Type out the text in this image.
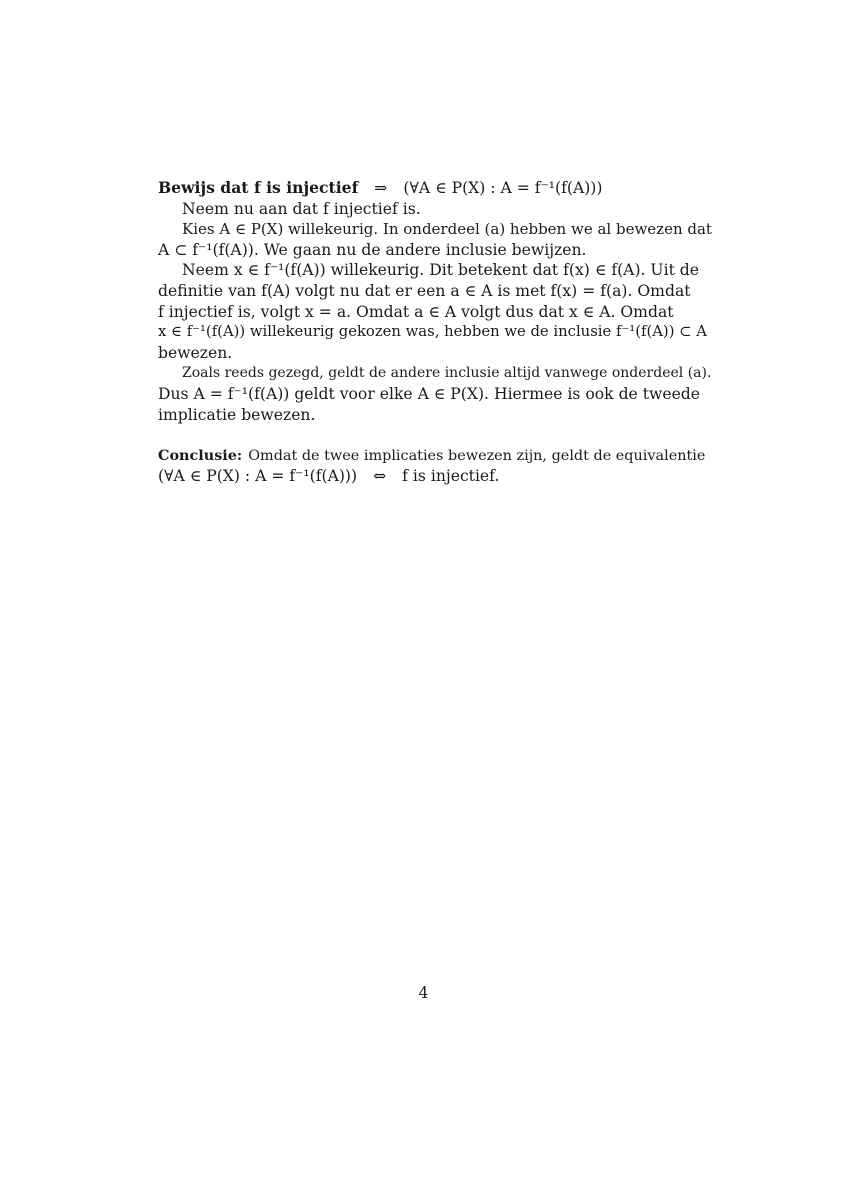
Bewijs dat f is injectief ⇒ (∀A ∈ P(X) : A = f⁻¹(f(A)))
Neem nu aan dat f injectief is.
Kies A ∈ P(X) willekeurig. In onderdeel (a) hebben we al bewezen dat
A ⊂ f⁻¹(f(A)). We gaan nu de andere inclusie bewijzen.
Neem x ∈ f⁻¹(f(A)) willekeurig. Dit betekent dat f(x) ∈ f(A). Uit de
definitie van f(A) volgt nu dat er een a ∈ A is met f(x) = f(a). Omdat
f injectief is, volgt x = a. Omdat a ∈ A volgt dus dat x ∈ A. Omdat
x ∈ f⁻¹(f(A)) willekeurig gekozen was, hebben we de inclusie f⁻¹(f(A)) ⊂ A
bewezen.
Zoals reeds gezegd, geldt de andere inclusie altijd vanwege onderdeel (a).
Dus A = f⁻¹(f(A)) geldt voor elke A ∈ P(X). Hiermee is ook de tweede
implicatie bewezen.
Conclusie: Omdat de twee implicaties bewezen zijn, geldt de equivalentie
(∀A ∈ P(X) : A = f⁻¹(f(A))) ⇔ f is injectief.
4
